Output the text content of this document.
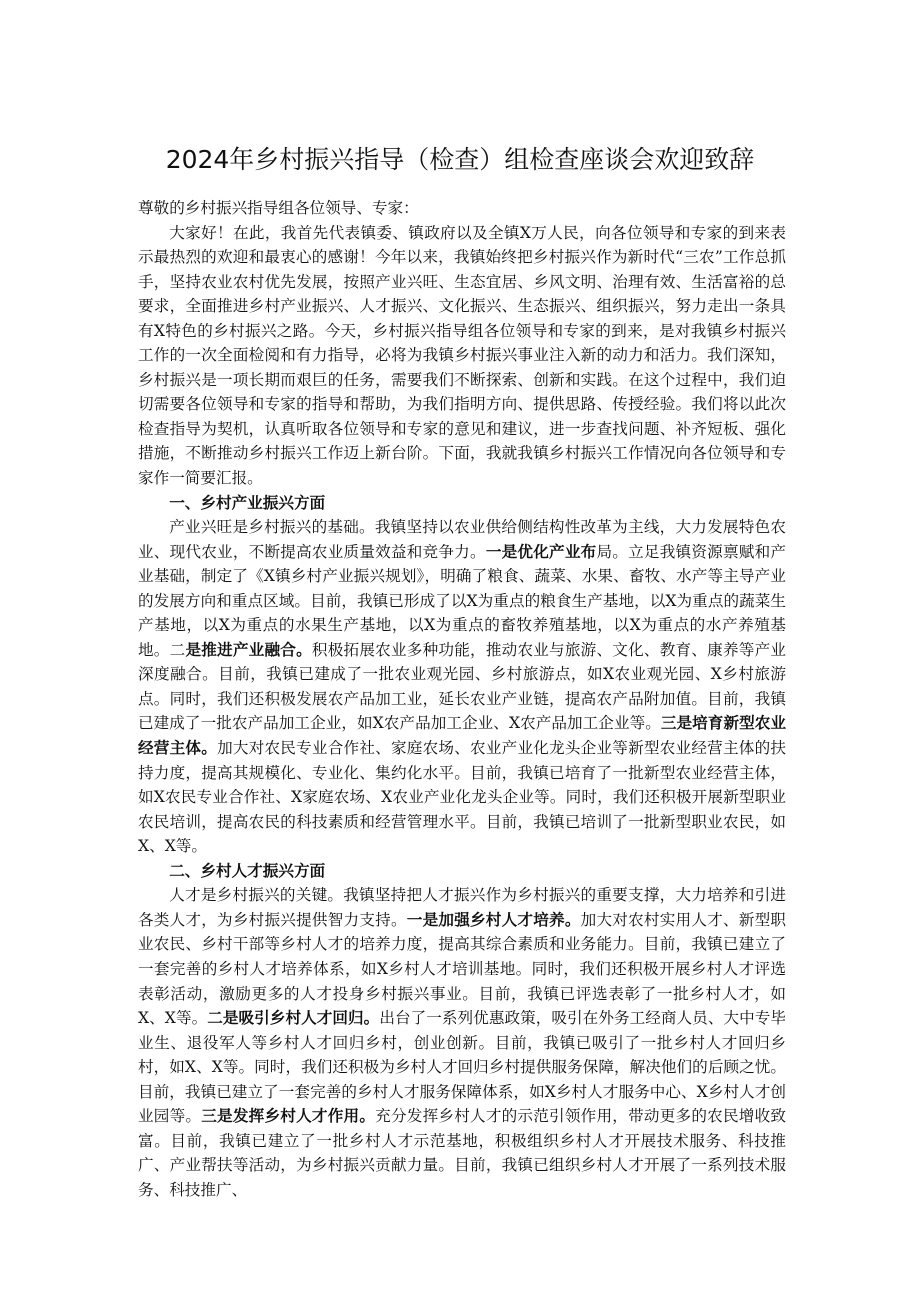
2024年乡村振兴指导（检查）组检查座谈会欢迎致辞

尊敬的乡村振兴指导组各位领导、专家：

大家好！在此，我首先代表镇委、镇政府以及全镇X万人民，向各位领导和专家的到来表示最热烈的欢迎和最衷心的感谢！今年以来，我镇始终把乡村振兴作为新时代“三农”工作总抓手，坚持农业农村优先发展，按照产业兴旺、生态宜居、乡风文明、治理有效、生活富裕的总要求，全面推进乡村产业振兴、人才振兴、文化振兴、生态振兴、组织振兴，努力走出一条具有X特色的乡村振兴之路。今天，乡村振兴指导组各位领导和专家的到来，是对我镇乡村振兴工作的一次全面检阅和有力指导，必将为我镇乡村振兴事业注入新的动力和活力。我们深知，乡村振兴是一项长期而艰巨的任务，需要我们不断探索、创新和实践。在这个过程中，我们迫切需要各位领导和专家的指导和帮助，为我们指明方向、提供思路、传授经验。我们将以此次检查指导为契机，认真听取各位领导和专家的意见和建议，进一步查找问题、补齐短板、强化措施，不断推动乡村振兴工作迈上新台阶。下面，我就我镇乡村振兴工作情况向各位领导和专家作一简要汇报。

一、乡村产业振兴方面

产业兴旺是乡村振兴的基础。我镇坚持以农业供给侧结构性改革为主线，大力发展特色农业、现代农业，不断提高农业质量效益和竞争力。一是优化产业布局。立足我镇资源禀赋和产业基础，制定了《X镇乡村产业振兴规划》，明确了粮食、蔬菜、水果、畜牧、水产等主导产业的发展方向和重点区域。目前，我镇已形成了以X为重点的粮食生产基地，以X为重点的蔬菜生产基地，以X为重点的水果生产基地，以X为重点的畜牧养殖基地，以X为重点的水产养殖基地。二是推进产业融合。积极拓展农业多种功能，推动农业与旅游、文化、教育、康养等产业深度融合。目前，我镇已建成了一批农业观光园、乡村旅游点，如X农业观光园、X乡村旅游点。同时，我们还积极发展农产品加工业，延长农业产业链，提高农产品附加值。目前，我镇已建成了一批农产品加工企业，如X农产品加工企业、X农产品加工企业等。三是培育新型农业经营主体。加大对农民专业合作社、家庭农场、农业产业化龙头企业等新型农业经营主体的扶持力度，提高其规模化、专业化、集约化水平。目前，我镇已培育了一批新型农业经营主体，如X农民专业合作社、X家庭农场、X农业产业化龙头企业等。同时，我们还积极开展新型职业农民培训，提高农民的科技素质和经营管理水平。目前，我镇已培训了一批新型职业农民，如X、X等。

二、乡村人才振兴方面

人才是乡村振兴的关键。我镇坚持把人才振兴作为乡村振兴的重要支撑，大力培养和引进各类人才，为乡村振兴提供智力支持。一是加强乡村人才培养。加大对农村实用人才、新型职业农民、乡村干部等乡村人才的培养力度，提高其综合素质和业务能力。目前，我镇已建立了一套完善的乡村人才培养体系，如X乡村人才培训基地。同时，我们还积极开展乡村人才评选表彰活动，激励更多的人才投身乡村振兴事业。目前，我镇已评选表彰了一批乡村人才，如X、X等。二是吸引乡村人才回归。出台了一系列优惠政策，吸引在外务工经商人员、大中专毕业生、退役军人等乡村人才回归乡村，创业创新。目前，我镇已吸引了一批乡村人才回归乡村，如X、X等。同时，我们还积极为乡村人才回归乡村提供服务保障，解决他们的后顾之忧。目前，我镇已建立了一套完善的乡村人才服务保障体系，如X乡村人才服务中心、X乡村人才创业园等。三是发挥乡村人才作用。充分发挥乡村人才的示范引领作用，带动更多的农民增收致富。目前，我镇已建立了一批乡村人才示范基地，积极组织乡村人才开展技术服务、科技推广、产业帮扶等活动，为乡村振兴贡献力量。目前，我镇已组织乡村人才开展了一系列技术服务、科技推广、
